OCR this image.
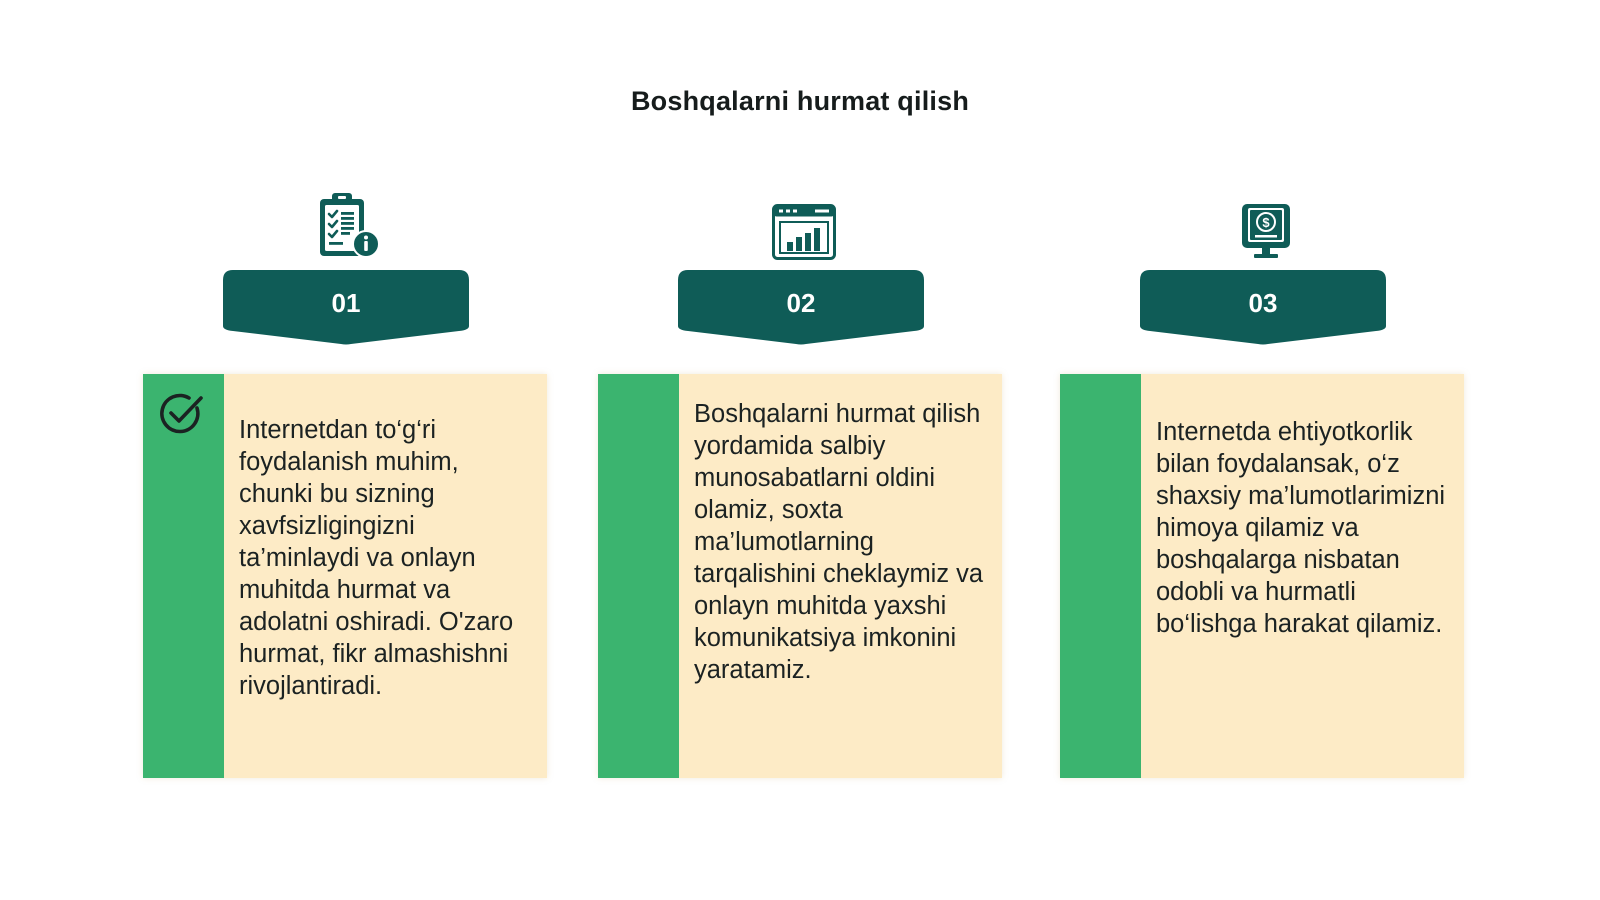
Boshqalarni hurmat qilish
01

Internetdan to‘g‘ri foydalanish muhim, chunki bu sizning xavfsizligingizni ta’minlaydi va onlayn muhitda hurmat va adolatni oshiradi. O'zaro hurmat, fikr almashishni rivojlantiradi.

02

Boshqalarni hurmat qilish yordamida salbiy munosabatlarni oldini olamiz, soxta ma’lumotlarning tarqalishini cheklaymiz va onlayn muhitda yaxshi komunikatsiya imkonini yaratamiz.

$
03

Internetda ehtiyotkorlik bilan foydalansak, o‘z shaxsiy ma’lumotlarimizni himoya qilamiz va boshqalarga nisbatan odobli va hurmatli bo‘lishga harakat qilamiz.
